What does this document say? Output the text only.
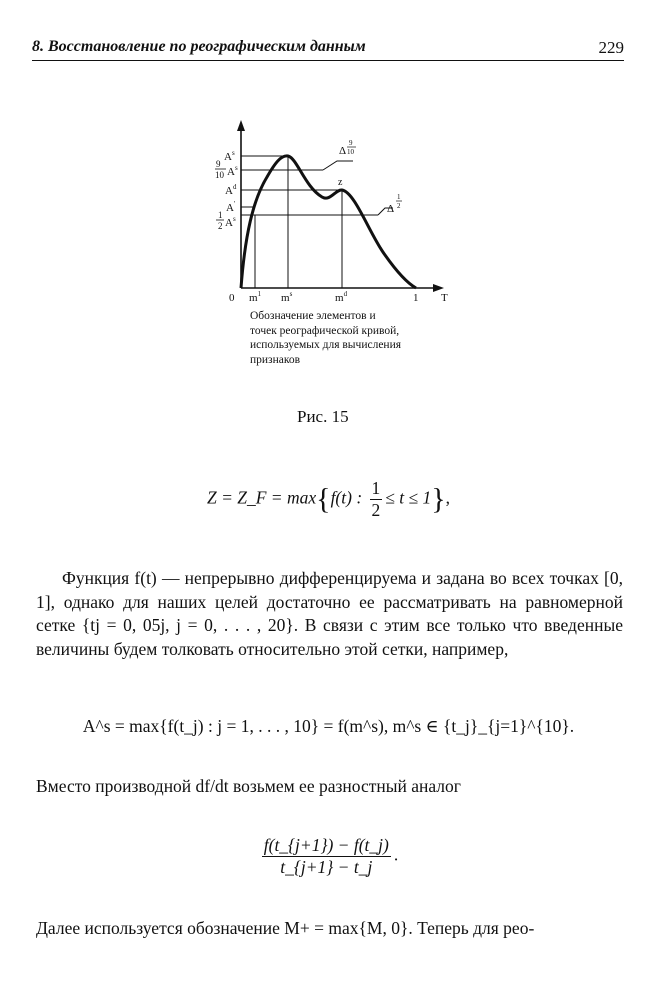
8. Восстановление по реографическим данным	229
$A^s$
9
10 $A^s$
$A^d$
A'
1
2 $A^s$
0 $m^1$ $m^s$	$m^d$	1 T
z
Δ
9
10
Δ
1
2
Обозначение элементов и
точек реографической кривой,
используемых для вычисления
признаков
Рис. 15
Z = Z_F = max{f(t) : $\frac{1}{2} \le t \le 1$},
Функция f(t) — непрерывно дифференцируема и задана во всех точках [0, 1], однако для наших целей достаточно ее рассматривать на равномерной сетке {tj = 0, 05j, j = 0, . . . , 20}. В связи с этим все только что введенные величины будем толковать относительно этой сетки, например,
A^s = max{f(t_j) : j = 1, . . . , 10} = f(m^s), m^s ∈ {t_j}_{j=1}^{10}.
Вместо производной df/dt возьмем ее разностный аналог
$\frac{f(t\_\{j+1\}) - f(t\_j)}{t\_\{j+1\} - t\_j}$ .
Далее используется обозначение M+ = max{M, 0}. Теперь для рео-
